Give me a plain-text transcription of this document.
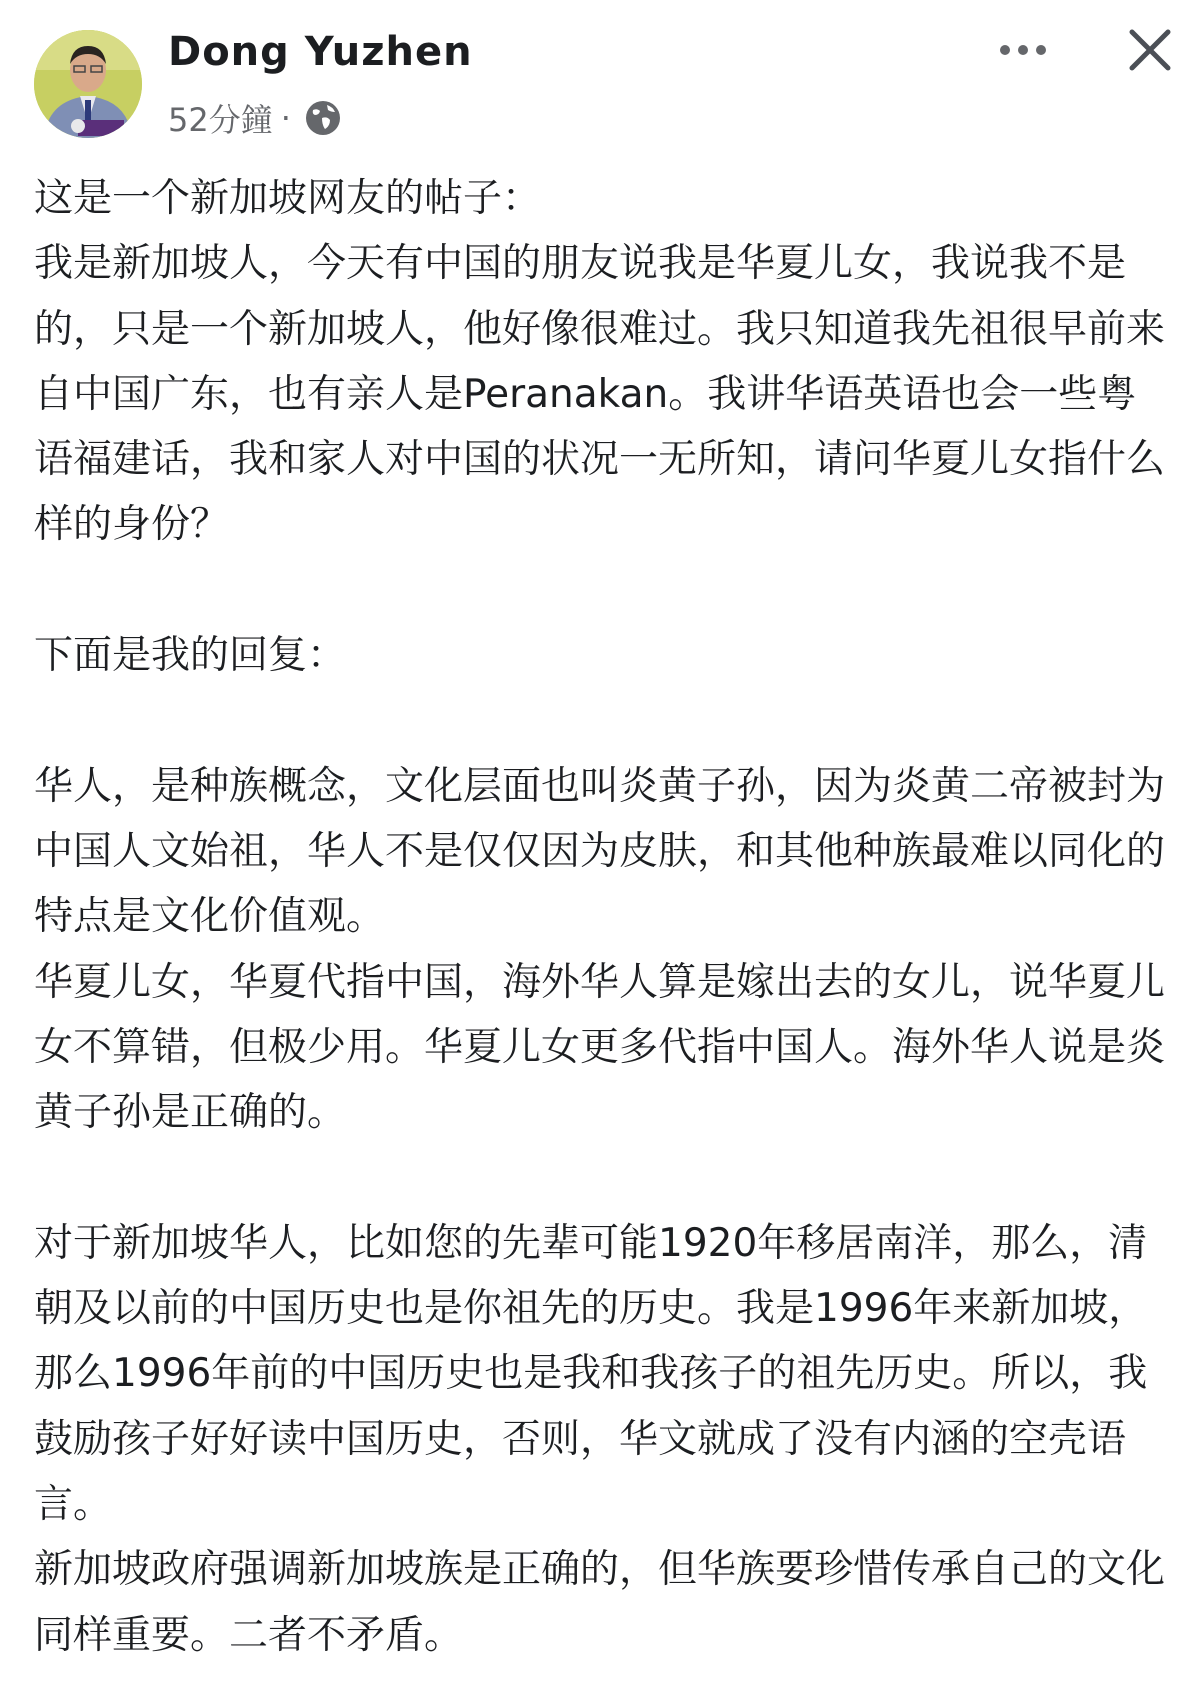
Dong Yuzhen
52分鐘 ·

这是一个新加坡网友的帖子：
我是新加坡人，今天有中国的朋友说我是华夏儿女，我说我不是的，只是一个新加坡人，他好像很难过。我只知道我先祖很早前来自中国广东，也有亲人是Peranakan。我讲华语英语也会一些粤语福建话，我和家人对中国的状况一无所知，请问华夏儿女指什么样的身份？

下面是我的回复：

华人，是种族概念，文化层面也叫炎黄子孙，因为炎黄二帝被封为中国人文始祖，华人不是仅仅因为皮肤，和其他种族最难以同化的特点是文化价值观。
华夏儿女，华夏代指中国，海外华人算是嫁出去的女儿，说华夏儿女不算错，但极少用。华夏儿女更多代指中国人。海外华人说是炎黄子孙是正确的。

对于新加坡华人，比如您的先辈可能1920年移居南洋，那么，清朝及以前的中国历史也是你祖先的历史。我是1996年来新加坡，那么1996年前的中国历史也是我和我孩子的祖先历史。所以，我鼓励孩子好好读中国历史，否则，华文就成了没有内涵的空壳语言。
新加坡政府强调新加坡族是正确的，但华族要珍惜传承自己的文化同样重要。二者不矛盾。
